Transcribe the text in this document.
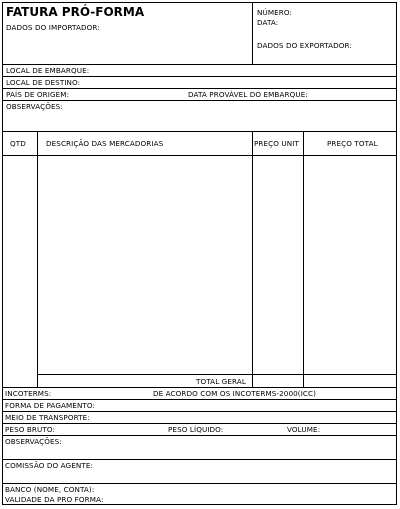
FATURA PRÓ-FORMA
DADOS DO IMPORTADOR:
NÚMERO:
DATA:
DADOS DO EXPORTADOR:
LOCAL DE EMBARQUE:
LOCAL DE DESTINO:
PAÍS DE ORIGEM:	DATA PROVÁVEL DO EMBARQUE:
OBSERVAÇÕES:
QTD	DESCRIÇÃO DAS MERCADORIAS	PREÇO UNIT	PREÇO TOTAL
TOTAL GERAL
INCOTERMS:	DE ACORDO COM OS INCOTERMS-2000(ICC)
FORMA DE PAGAMENTO:
MEIO DE TRANSPORTE:
PESO BRUTO:	PESO LÍQUIDO:	VOLUME:
OBSERVAÇÕES:
COMISSÃO DO AGENTE:
BANCO (NOME, CONTA):
VALIDADE DA PRO FORMA:
